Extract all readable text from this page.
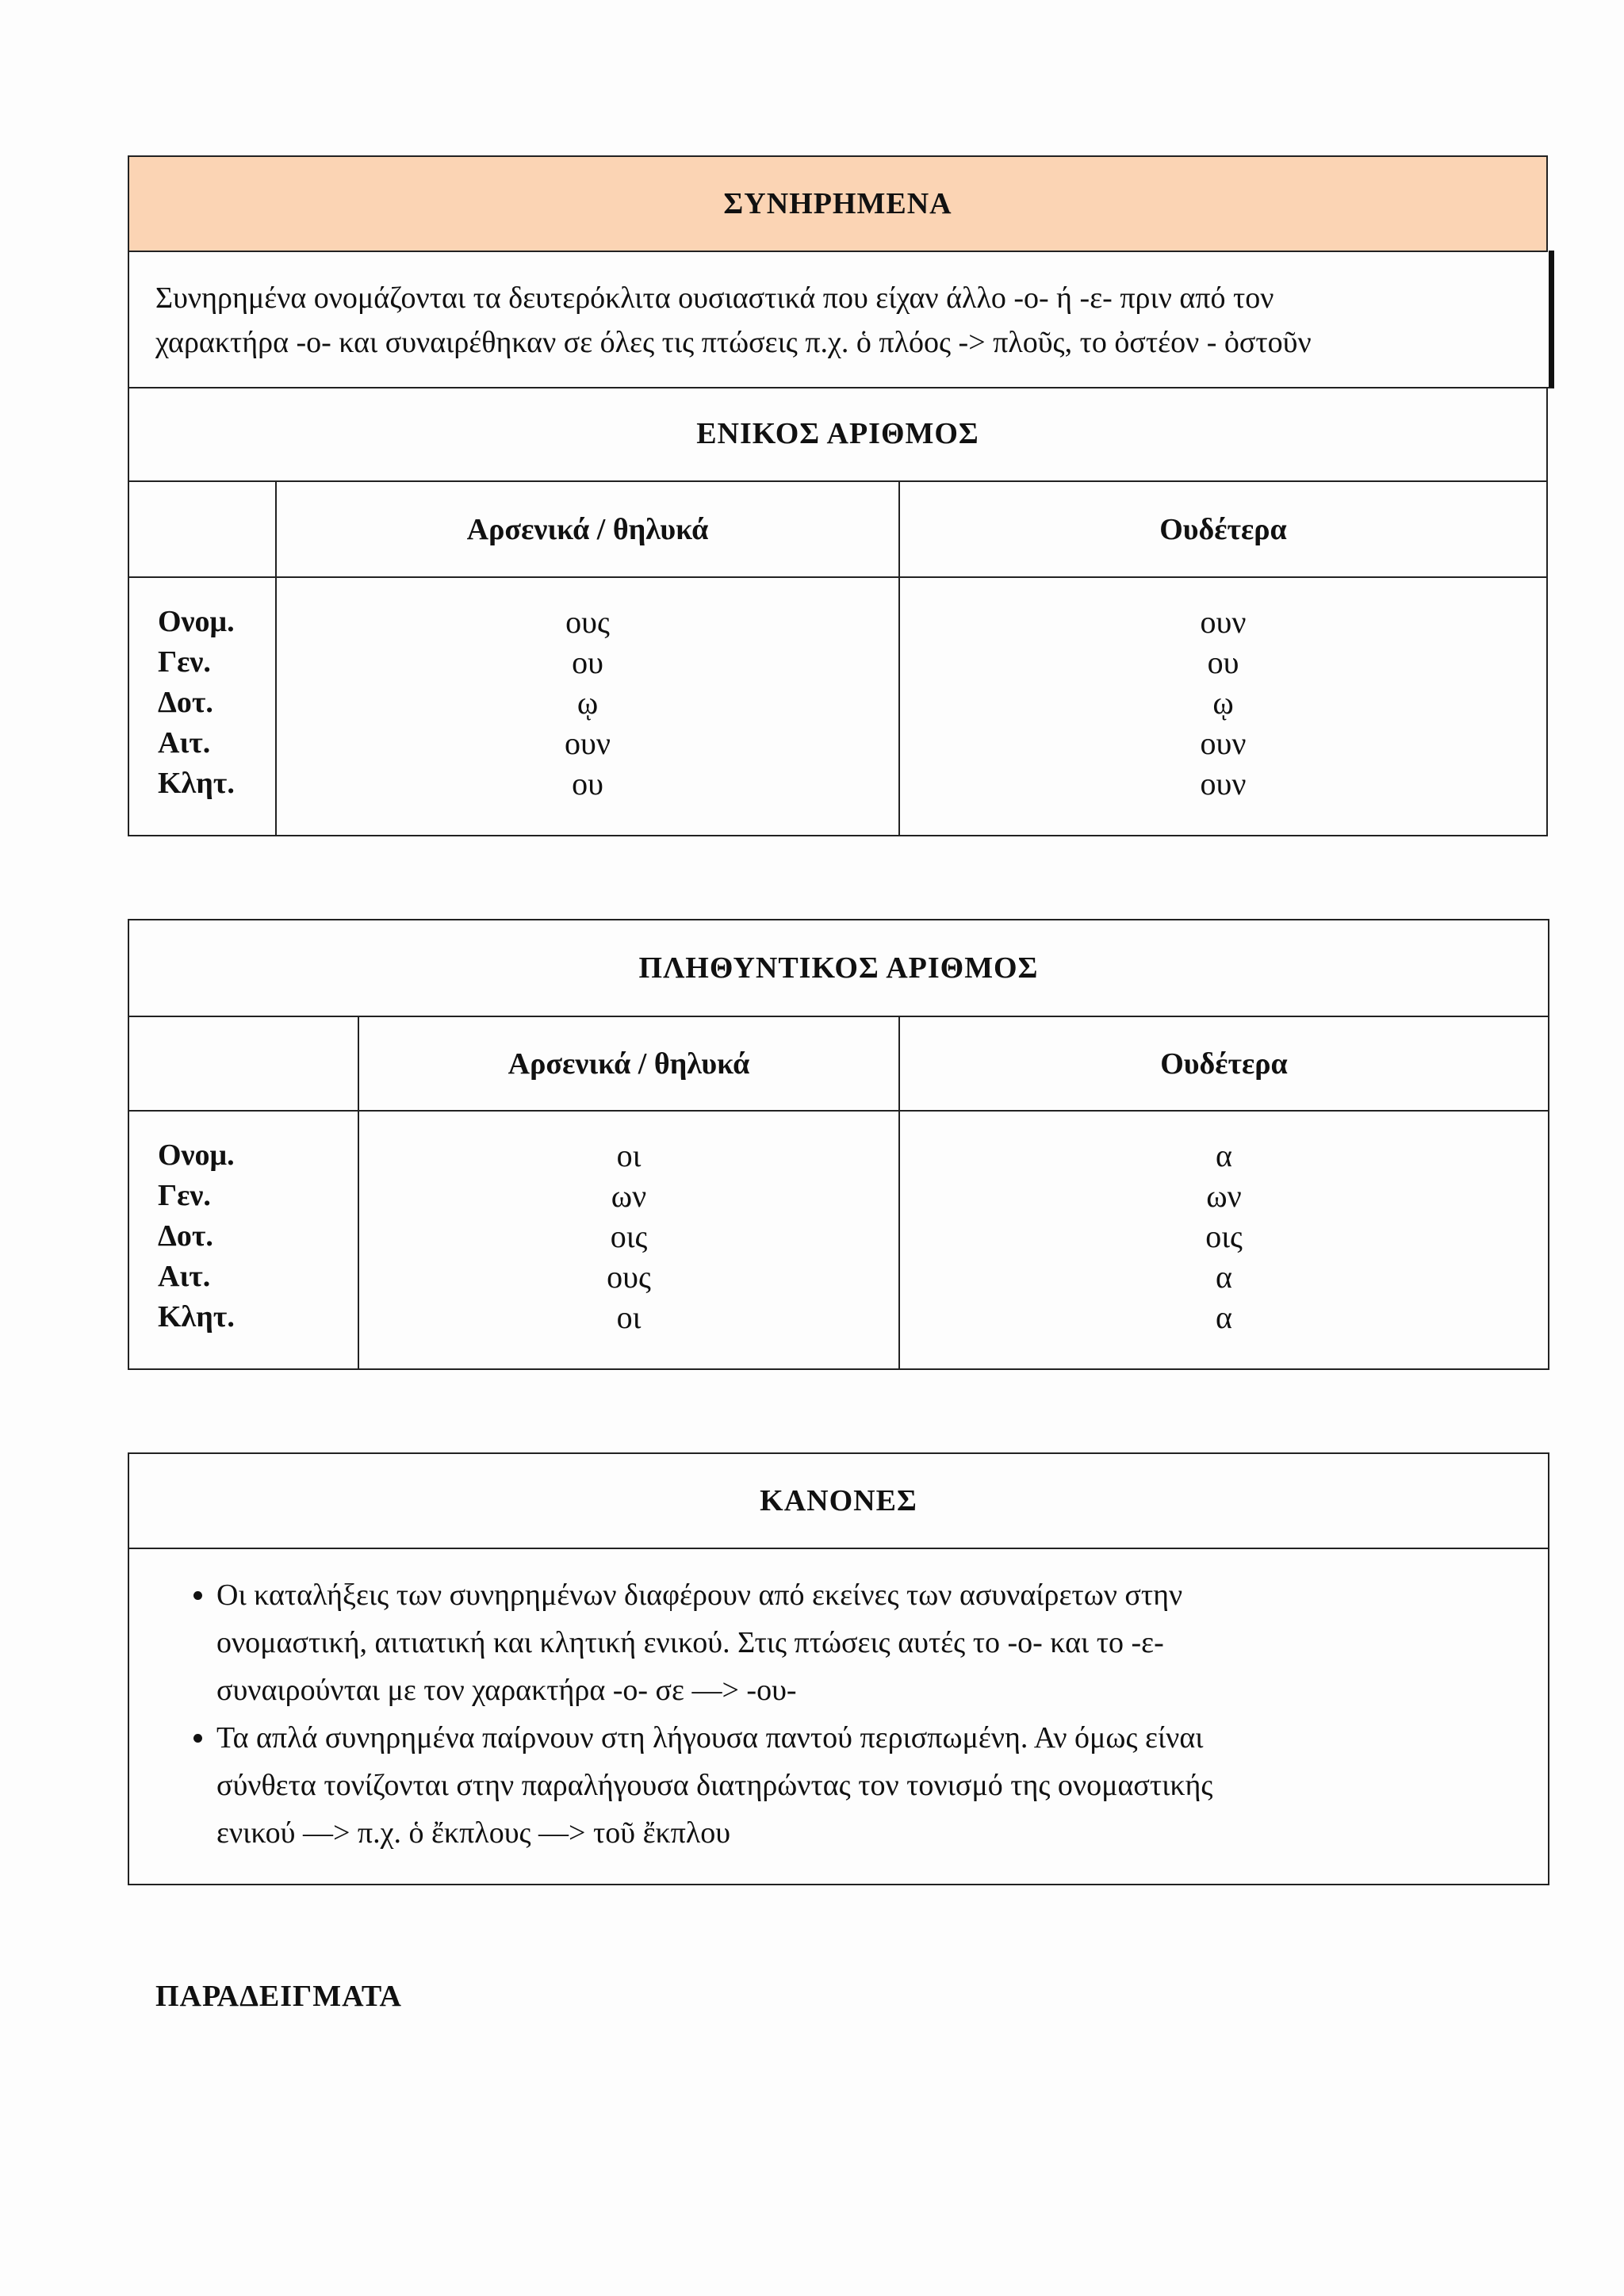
ΣΥΝΗΡΗΜΕΝΑ
Συνηρημένα ονομάζονται τα δευτερόκλιτα ουσιαστικά που είχαν άλλο -ο- ή -ε- πριν από τον
χαρακτήρα -ο- και συναιρέθηκαν σε όλες τις πτώσεις π.χ. ὁ πλόος -> πλοῦς, το ὀστέον - ὀστοῦν
ΕΝΙΚΟΣ ΑΡΙΘΜΟΣ
Αρσενικά / θηλυκά	Ουδέτερα
Ονομ.
Γεν.
Δοτ.
Αιτ.
Κλητ.
ους
ου
ῳ
ουν
ου
ουν
ου
ῳ
ουν
ουν
ΠΛΗΘΥΝΤΙΚΟΣ ΑΡΙΘΜΟΣ
Αρσενικά / θηλυκά	Ουδέτερα
Ονομ.
Γεν.
Δοτ.
Αιτ.
Κλητ.
οι
ων
οις
ους
οι
α
ων
οις
α
α
ΚΑΝΟΝΕΣ
• Οι καταλήξεις των συνηρημένων διαφέρουν από εκείνες των ασυναίρετων στην
ονομαστική, αιτιατική και κλητική ενικού. Στις πτώσεις αυτές το -ο- και το -ε-
συναιρούνται με τον χαρακτήρα -ο- σε —> -ου-
• Τα απλά συνηρημένα παίρνουν στη λήγουσα παντού περισπωμένη. Αν όμως είναι
σύνθετα τονίζονται στην παραλήγουσα διατηρώντας τον τονισμό της ονομαστικής
ενικού —> π.χ. ὁ ἔκπλους —> τοῦ ἔκπλου
ΠΑΡΑΔΕΙΓΜΑΤΑ
